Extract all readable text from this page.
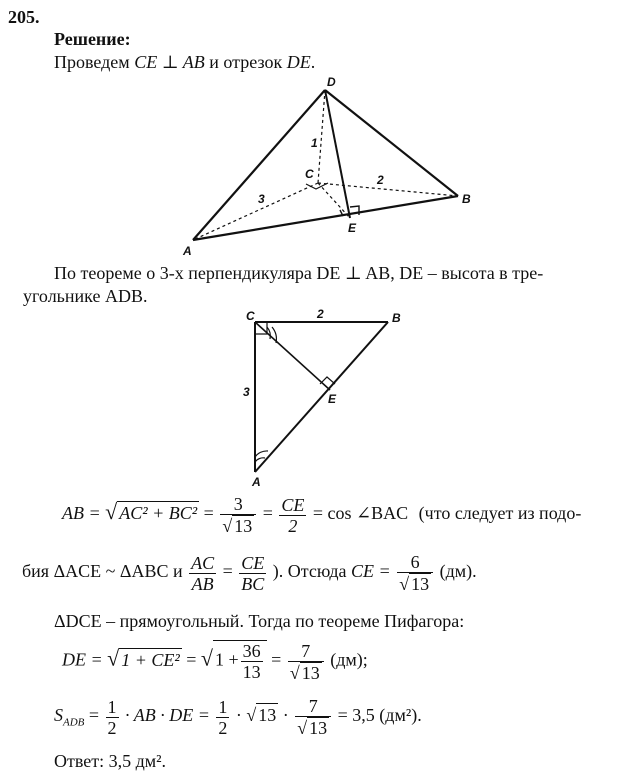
205.
Решение:
Проведем CE ⊥ AB и отрезок DE.
D
C
A
B
E
1
3
2
C	B
A
E
2
3
По теореме о 3-х перпендикуляра DE ⊥ AB, DE – высота в тре-
угольнике ADB.
AB = √ $AC^2 + BC^2 = \frac{3}{√ 13} = \frac{CE}{2} = \cos$ ∠BAC (что следует из подо-
бия ΔACE ~ ΔABC и $\frac{AC}{AB} = \frac{CE}{BC}$ ). Отсюда CE = $\frac{6}{√ 13} (дм)$.
ΔDCE – прямоугольный. Тогда по теореме Пифагора:
DE = √ 1 + CE² = √ $1 + \frac{36}{13} = \frac{7}{√ 13} (дм)$;
$S_{ADB} = \frac{1}{2}$ · AB · DE = $\frac{1}{2}$ · √ $13 \cdot \frac{7}{√ 13} = 3,5$ (дм²).
Ответ: 3,5 дм².
